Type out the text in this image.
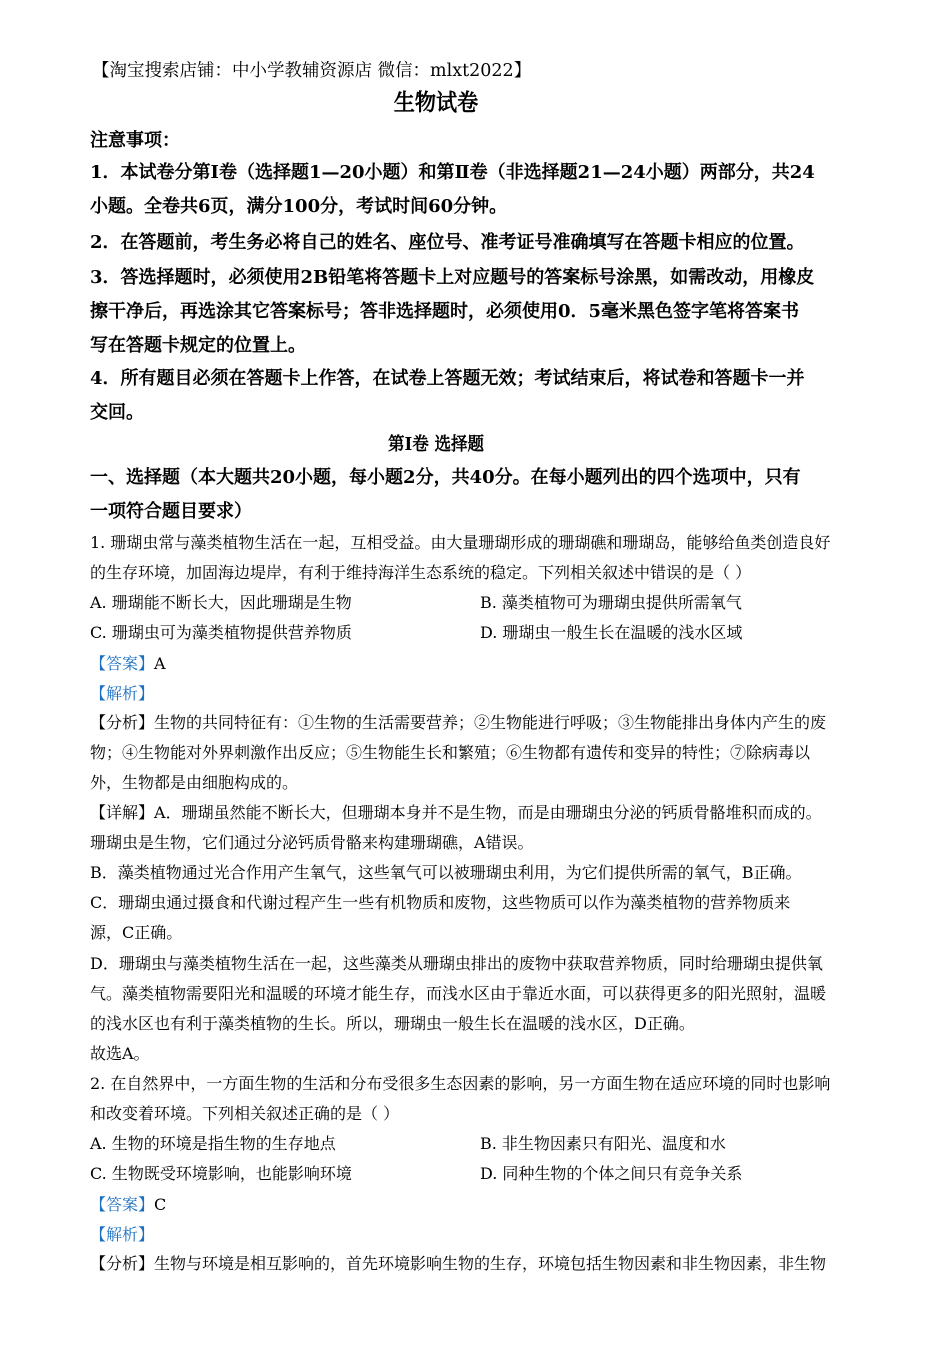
【淘宝搜索店铺：中小学教辅资源店 微信：mlxt2022】
生物试卷
注意事项：
1．本试卷分第Ⅰ卷（选择题1—20小题）和第Ⅱ卷（非选择题21—24小题）两部分，共24
小题。全卷共6页，满分100分，考试时间60分钟。
2．在答题前，考生务必将自己的姓名、座位号、准考证号准确填写在答题卡相应的位置。
3．答选择题时，必须使用2B铅笔将答题卡上对应题号的答案标号涂黑，如需改动，用橡皮
擦干净后，再选涂其它答案标号；答非选择题时，必须使用0．5毫米黑色签字笔将答案书
写在答题卡规定的位置上。
4．所有题目必须在答题卡上作答，在试卷上答题无效；考试结束后，将试卷和答题卡一并
交回。
第Ⅰ卷 选择题
一、选择题（本大题共20小题，每小题2分，共40分。在每小题列出的四个选项中，只有
一项符合题目要求）
1. 珊瑚虫常与藻类植物生活在一起，互相受益。由大量珊瑚形成的珊瑚礁和珊瑚岛，能够给鱼类创造良好
的生存环境，加固海边堤岸，有利于维持海洋生态系统的稳定。下列相关叙述中错误的是（ ）
A. 珊瑚能不断长大，因此珊瑚是生物	B. 藻类植物可为珊瑚虫提供所需氧气
C. 珊瑚虫可为藻类植物提供营养物质	D. 珊瑚虫一般生长在温暖的浅水区域
【答案】A
【解析】
【分析】生物的共同特征有：①生物的生活需要营养；②生物能进行呼吸；③生物能排出身体内产生的废
物；④生物能对外界刺激作出反应；⑤生物能生长和繁殖；⑥生物都有遗传和变异的特性；⑦除病毒以
外，生物都是由细胞构成的。
【详解】A．珊瑚虽然能不断长大，但珊瑚本身并不是生物，而是由珊瑚虫分泌的钙质骨骼堆积而成的。
珊瑚虫是生物，它们通过分泌钙质骨骼来构建珊瑚礁，A错误。
B．藻类植物通过光合作用产生氧气，这些氧气可以被珊瑚虫利用，为它们提供所需的氧气，B正确。
C．珊瑚虫通过摄食和代谢过程产生一些有机物质和废物，这些物质可以作为藻类植物的营养物质来
源，C正确。
D．珊瑚虫与藻类植物生活在一起，这些藻类从珊瑚虫排出的废物中获取营养物质，同时给珊瑚虫提供氧
气。藻类植物需要阳光和温暖的环境才能生存，而浅水区由于靠近水面，可以获得更多的阳光照射，温暖
的浅水区也有利于藻类植物的生长。所以，珊瑚虫一般生长在温暖的浅水区，D正确。
故选A。
2. 在自然界中，一方面生物的生活和分布受很多生态因素的影响，另一方面生物在适应环境的同时也影响
和改变着环境。下列相关叙述正确的是（ ）
A. 生物的环境是指生物的生存地点	B. 非生物因素只有阳光、温度和水
C. 生物既受环境影响，也能影响环境	D. 同种生物的个体之间只有竞争关系
【答案】C
【解析】
【分析】生物与环境是相互影响的，首先环境影响生物的生存，环境包括生物因素和非生物因素，非生物
